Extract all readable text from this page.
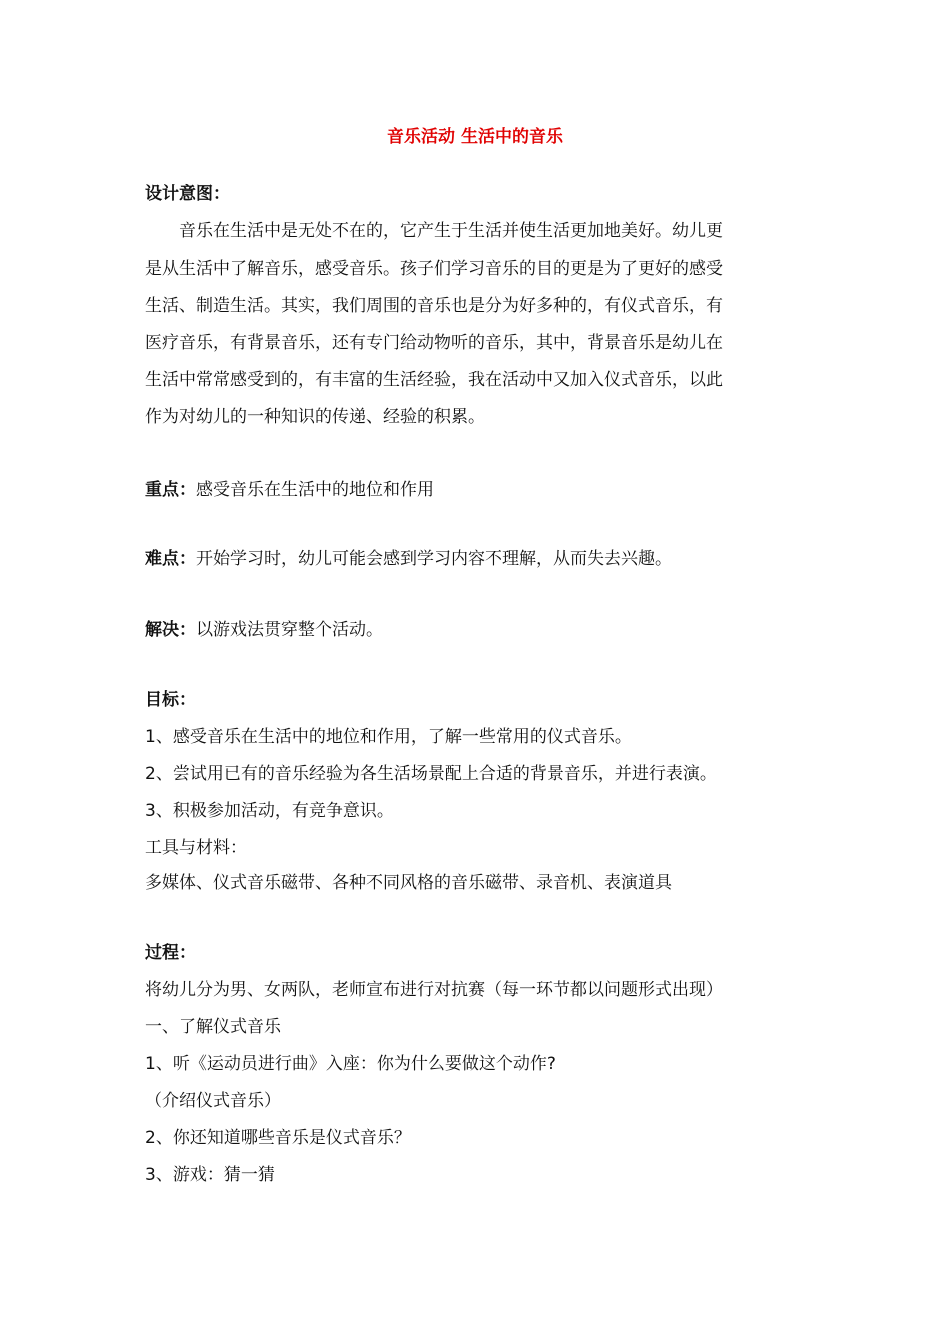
音乐活动 生活中的音乐
设计意图：
音乐在生活中是无处不在的，它产生于生活并使生活更加地美好。幼儿更
是从生活中了解音乐，感受音乐。孩子们学习音乐的目的更是为了更好的感受
生活、制造生活。其实，我们周围的音乐也是分为好多种的，有仪式音乐，有
医疗音乐，有背景音乐，还有专门给动物听的音乐，其中，背景音乐是幼儿在
生活中常常感受到的，有丰富的生活经验，我在活动中又加入仪式音乐，以此
作为对幼儿的一种知识的传递、经验的积累。
重点：感受音乐在生活中的地位和作用
难点：开始学习时，幼儿可能会感到学习内容不理解，从而失去兴趣。
解决：以游戏法贯穿整个活动。
目标：
1、感受音乐在生活中的地位和作用，了解一些常用的仪式音乐。
2、尝试用已有的音乐经验为各生活场景配上合适的背景音乐，并进行表演。
3、积极参加活动，有竞争意识。
工具与材料：
多媒体、仪式音乐磁带、各种不同风格的音乐磁带、录音机、表演道具
过程：
将幼儿分为男、女两队，老师宣布进行对抗赛（每一环节都以问题形式出现）
一、了解仪式音乐
1、听《运动员进行曲》入座：你为什么要做这个动作?
（介绍仪式音乐）
2、你还知道哪些音乐是仪式音乐？
3、游戏：猜一猜
